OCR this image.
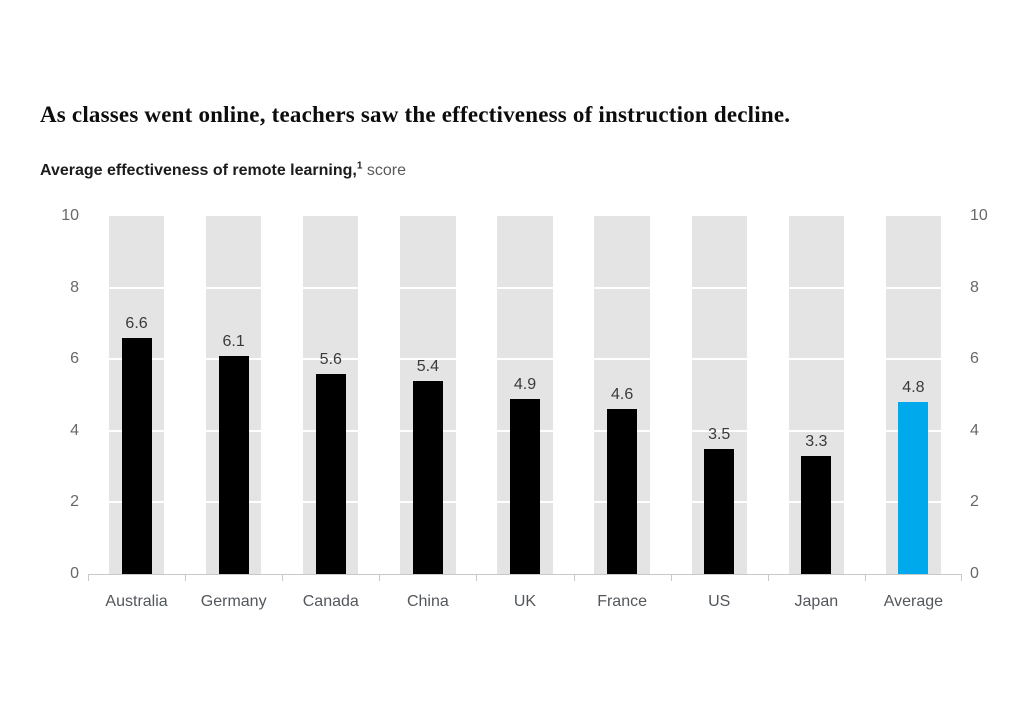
As classes went online, teachers saw the effectiveness of instruction decline.

Average effectiveness of remote learning,$^1$ score

0
2
4
6
8
10
6.6
6.1
5.6	5.4
4.9
4.6
3.5	3.3
4.8
Australia	Germany	Canada	China	UK	France	US	Japan	Average
0
2
4
6
8
10
